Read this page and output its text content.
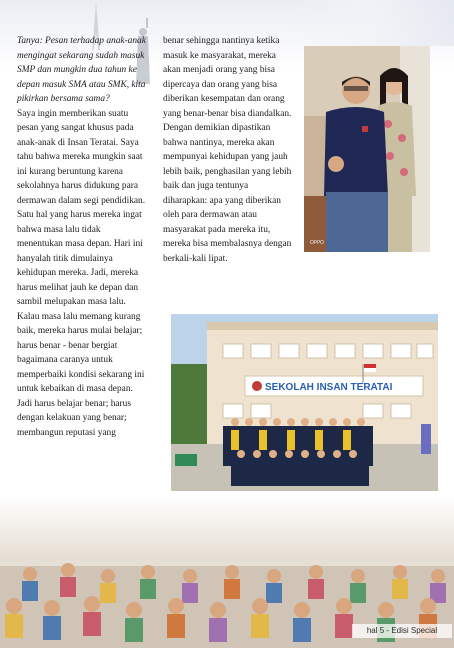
Tanya: Pesan terhadap anak-anak mengingat sekarang sudah masuk SMP dan mungkin dua tahun ke depan masuk SMA atau SMK, kita pikirkan bersama sama?

Saya ingin memberikan suatu pesan yang sangat khusus pada anak-anak di Insan Teratai. Saya tahu bahwa mereka mungkin saat ini kurang beruntung karena sekolahnya harus didukung para dermawan dalam segi pendidikan. Satu hal yang harus mereka ingat bahwa masa lalu tidak menentukan masa depan. Hari ini hanyalah titik dimulainya kehidupan mereka. Jadi, mereka harus melihat jauh ke depan dan sambil melupakan masa lalu. Kalau masa lalu memang kurang baik, mereka harus mulai belajar; harus benar - benar bergiat bagaimana caranya untuk memperbaiki kondisi sekarang ini untuk kebaikan di masa depan. Jadi harus belajar benar; harus dengan kelakuan yang benar; membangun reputasi yang

benar sehingga nantinya ketika masuk ke masyarakat, mereka akan menjadi orang yang bisa dipercaya dan orang yang bisa diberikan kesempatan dan orang yang benar-benar bisa diandalkan. Dengan demikian dipastikan bahwa nantinya, mereka akan mempunyai kehidupan yang jauh lebih baik, penghasilan yang lebih baik dan juga tentunya diharapkan: apa yang diberikan oleh para dermawan atau masyarakat pada mereka itu, mereka bisa membalasnya dengan berkali-kali lipat.

OPPO
SEKOLAH INSAN TERATAI
hal 5 - Edisi Special
